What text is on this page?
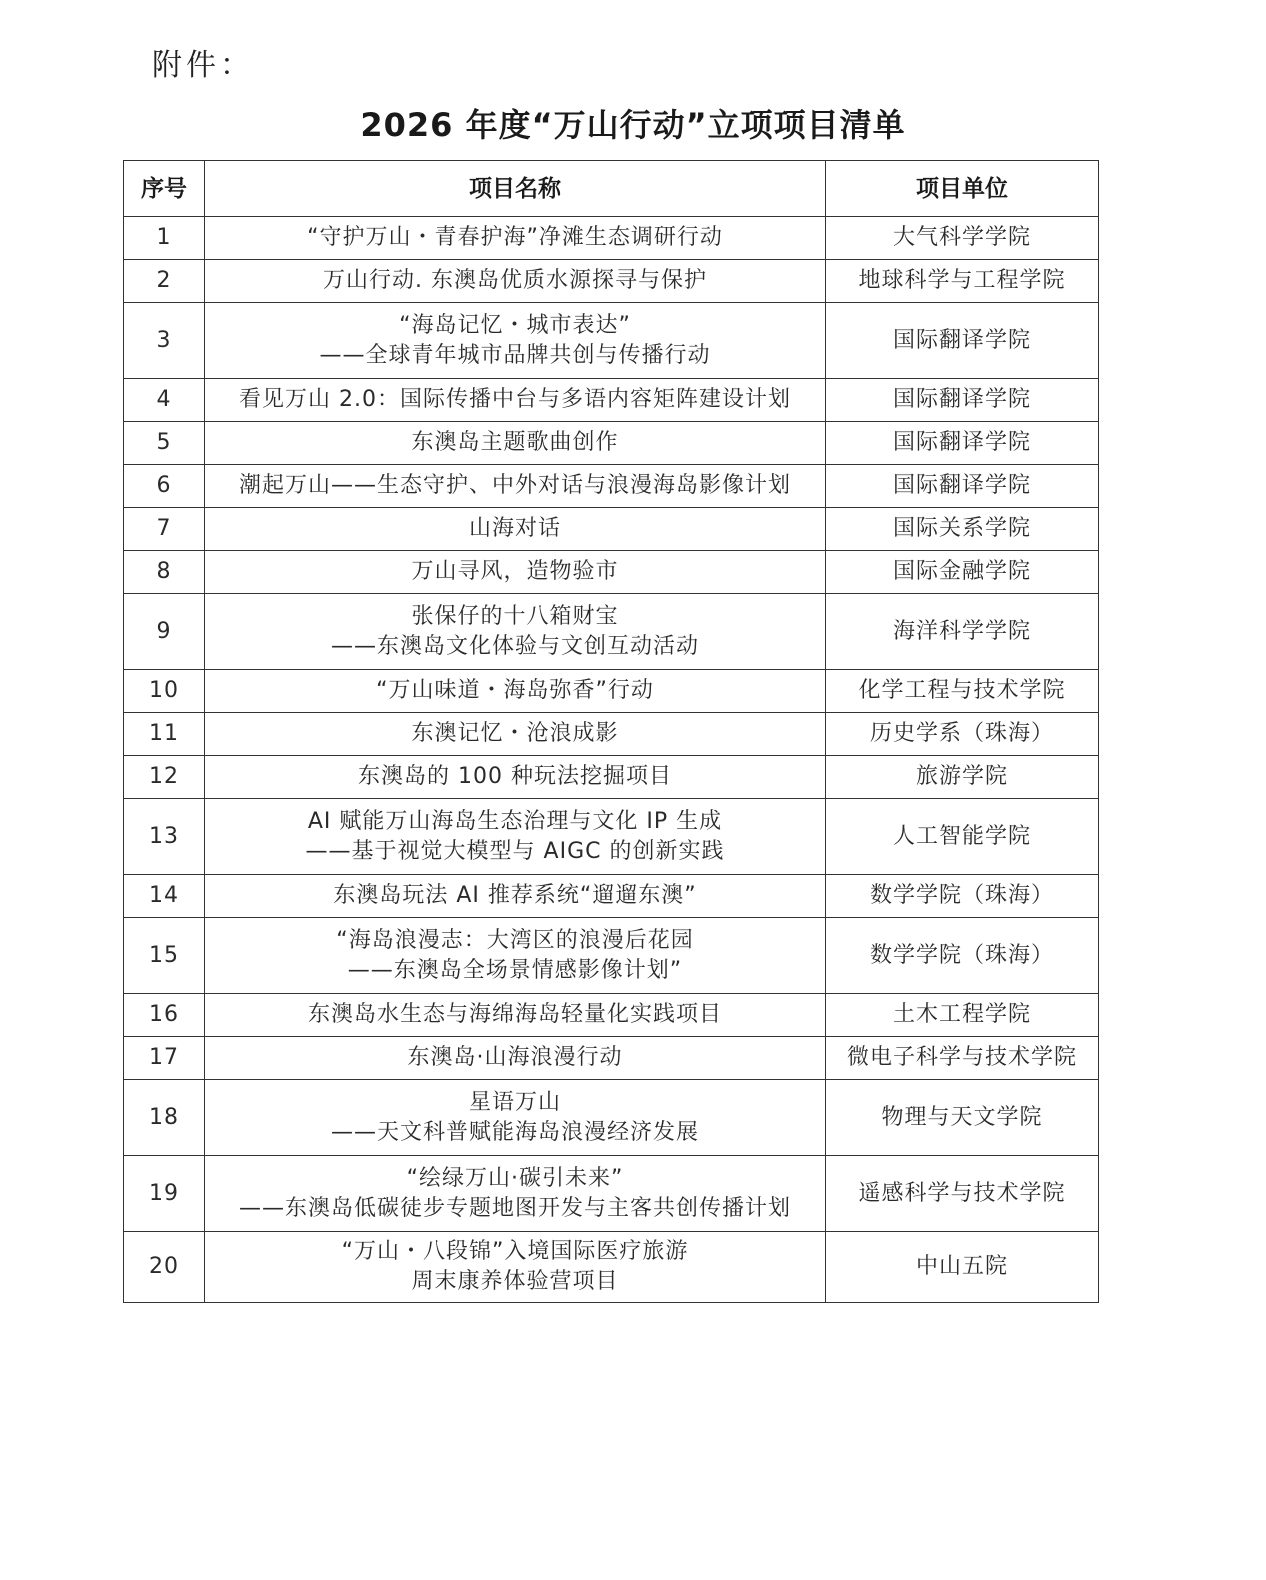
附件：
2026 年度“万山行动”立项项目清单
序号	项目名称	项目单位
1	“守护万山・青春护海”净滩生态调研行动	大气科学学院
2	万山行动. 东澳岛优质水源探寻与保护	地球科学与工程学院
3	“海岛记忆・城市表达”
——全球青年城市品牌共创与传播行动	国际翻译学院
4	看见万山 2.0：国际传播中台与多语内容矩阵建设计划	国际翻译学院
5	东澳岛主题歌曲创作	国际翻译学院
6	潮起万山——生态守护、中外对话与浪漫海岛影像计划	国际翻译学院
7	山海对话	国际关系学院
8	万山寻风，造物验市	国际金融学院
9	张保仔的十八箱财宝
——东澳岛文化体验与文创互动活动	海洋科学学院
10	“万山味道・海岛弥香”行动	化学工程与技术学院
11	东澳记忆・沧浪成影	历史学系（珠海）
12	东澳岛的 100 种玩法挖掘项目	旅游学院
13	AI 赋能万山海岛生态治理与文化 IP 生成
——基于视觉大模型与 AIGC 的创新实践	人工智能学院
14	东澳岛玩法 AI 推荐系统“遛遛东澳”	数学学院（珠海）
15	“海岛浪漫志：大湾区的浪漫后花园
——东澳岛全场景情感影像计划”	数学学院（珠海）
16	东澳岛水生态与海绵海岛轻量化实践项目	土木工程学院
17	东澳岛·山海浪漫行动	微电子科学与技术学院
18	星语万山
——天文科普赋能海岛浪漫经济发展	物理与天文学院
19	“绘绿万山·碳引未来”
——东澳岛低碳徒步专题地图开发与主客共创传播计划	遥感科学与技术学院
20	“万山・八段锦”入境国际医疗旅游
周末康养体验营项目	中山五院
